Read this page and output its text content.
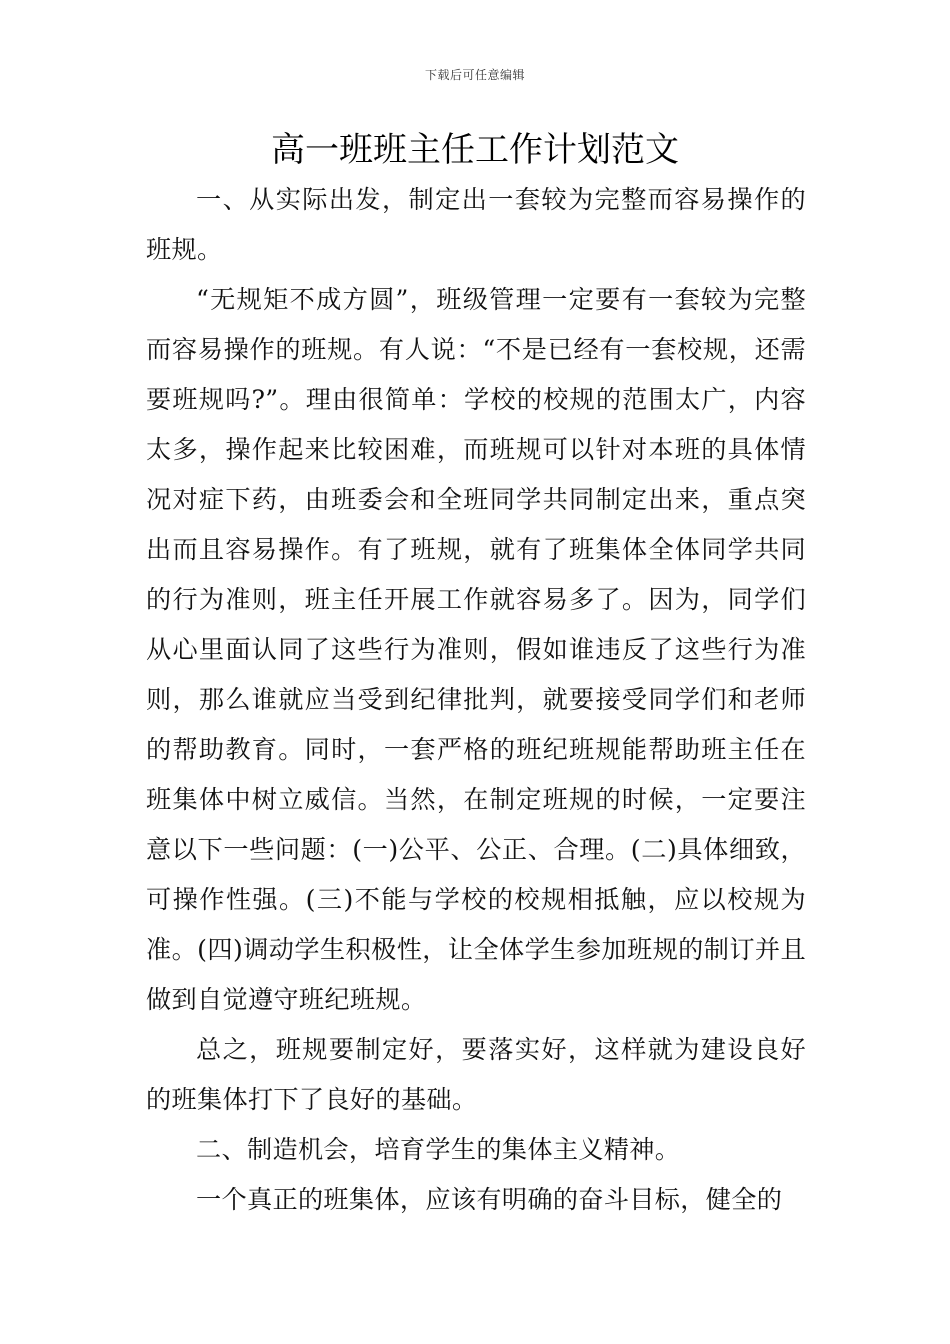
下载后可任意编辑
高一班班主任工作计划范文

一、从实际出发，制定出一套较为完整而容易操作的班规。

“无规矩不成方圆”，班级管理一定要有一套较为完整而容易操作的班规。有人说：“不是已经有一套校规，还需要班规吗?”。理由很简单：学校的校规的范围太广，内容太多，操作起来比较困难，而班规可以针对本班的具体情况对症下药，由班委会和全班同学共同制定出来，重点突出而且容易操作。有了班规，就有了班集体全体同学共同的行为准则，班主任开展工作就容易多了。因为，同学们从心里面认同了这些行为准则，假如谁违反了这些行为准则，那么谁就应当受到纪律批判，就要接受同学们和老师的帮助教育。同时，一套严格的班纪班规能帮助班主任在班集体中树立威信。当然，在制定班规的时候，一定要注意以下一些问题：(一)公平、公正、合理。(二)具体细致，可操作性强。(三)不能与学校的校规相抵触，应以校规为准。(四)调动学生积极性，让全体学生参加班规的制订并且做到自觉遵守班纪班规。

总之，班规要制定好，要落实好，这样就为建设良好的班集体打下了良好的基础。

二、制造机会，培育学生的集体主义精神。

一个真正的班集体，应该有明确的奋斗目标，健全的
